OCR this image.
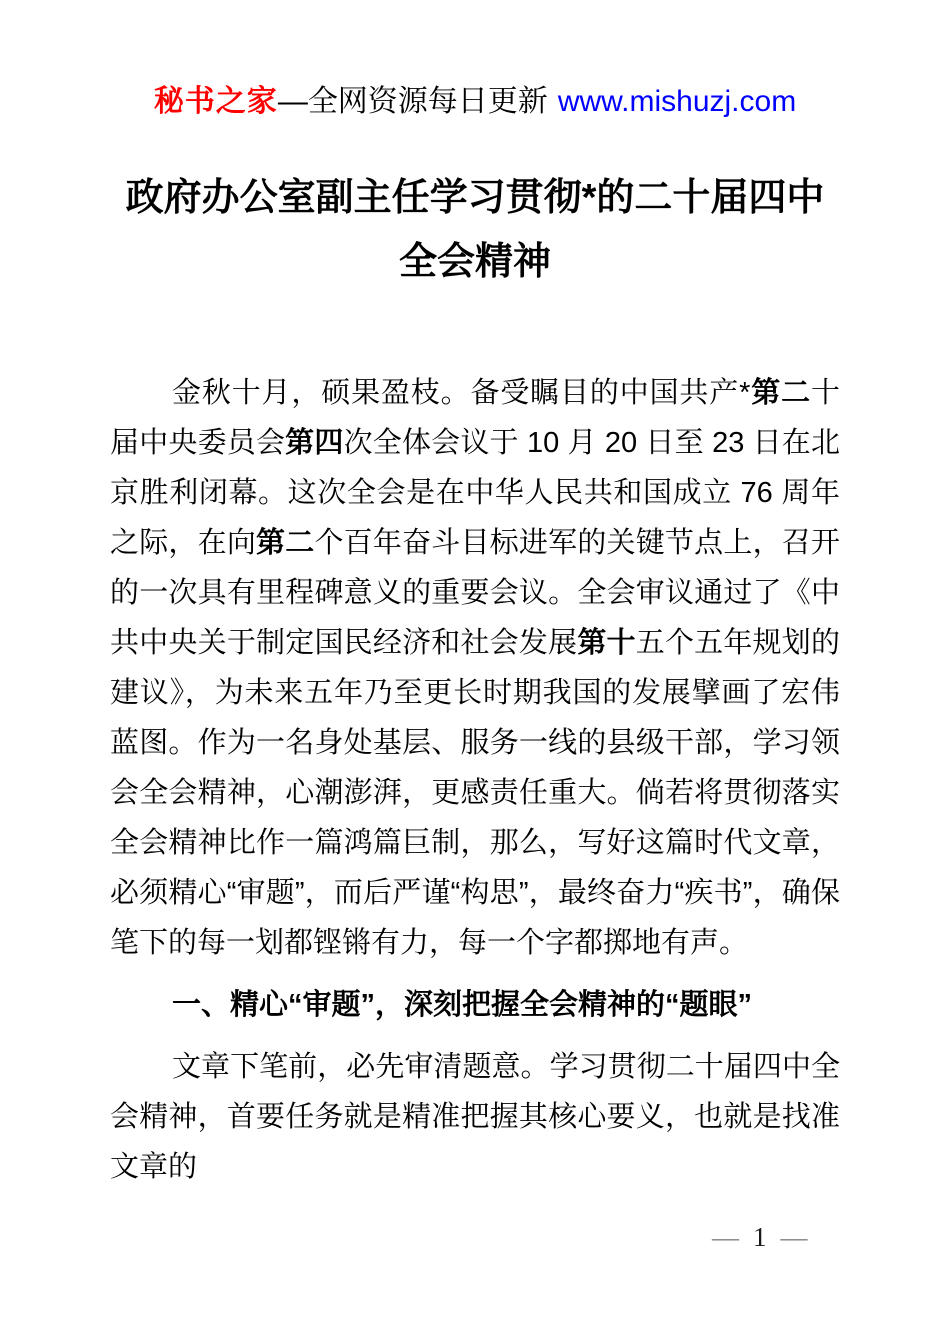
秘书之家—全网资源每日更新 www.mishuzj.com
政府办公室副主任学习贯彻*的二十届四中全会精神

金秋十月，硕果盈枝。备受瞩目的中国共产*第二十届中央委员会第四次全体会议于 10 月 20 日至 23 日在北京胜利闭幕。这次全会是在中华人民共和国成立 76 周年之际，在向第二个百年奋斗目标进军的关键节点上，召开的一次具有里程碑意义的重要会议。全会审议通过了《中共中央关于制定国民经济和社会发展第十五个五年规划的建议》，为未来五年乃至更长时期我国的发展擘画了宏伟蓝图。作为一名身处基层、服务一线的县级干部，学习领会全会精神，心潮澎湃，更感责任重大。倘若将贯彻落实全会精神比作一篇鸿篇巨制，那么，写好这篇时代文章，必须精心“审题”，而后严谨“构思”，最终奋力“疾书”，确保笔下的每一划都铿锵有力，每一个字都掷地有声。

一、精心“审题”，深刻把握全会精神的“题眼”

文章下笔前，必先审清题意。学习贯彻二十届四中全会精神，首要任务就是精准把握其核心要义，也就是找准文章的

— 1 —
